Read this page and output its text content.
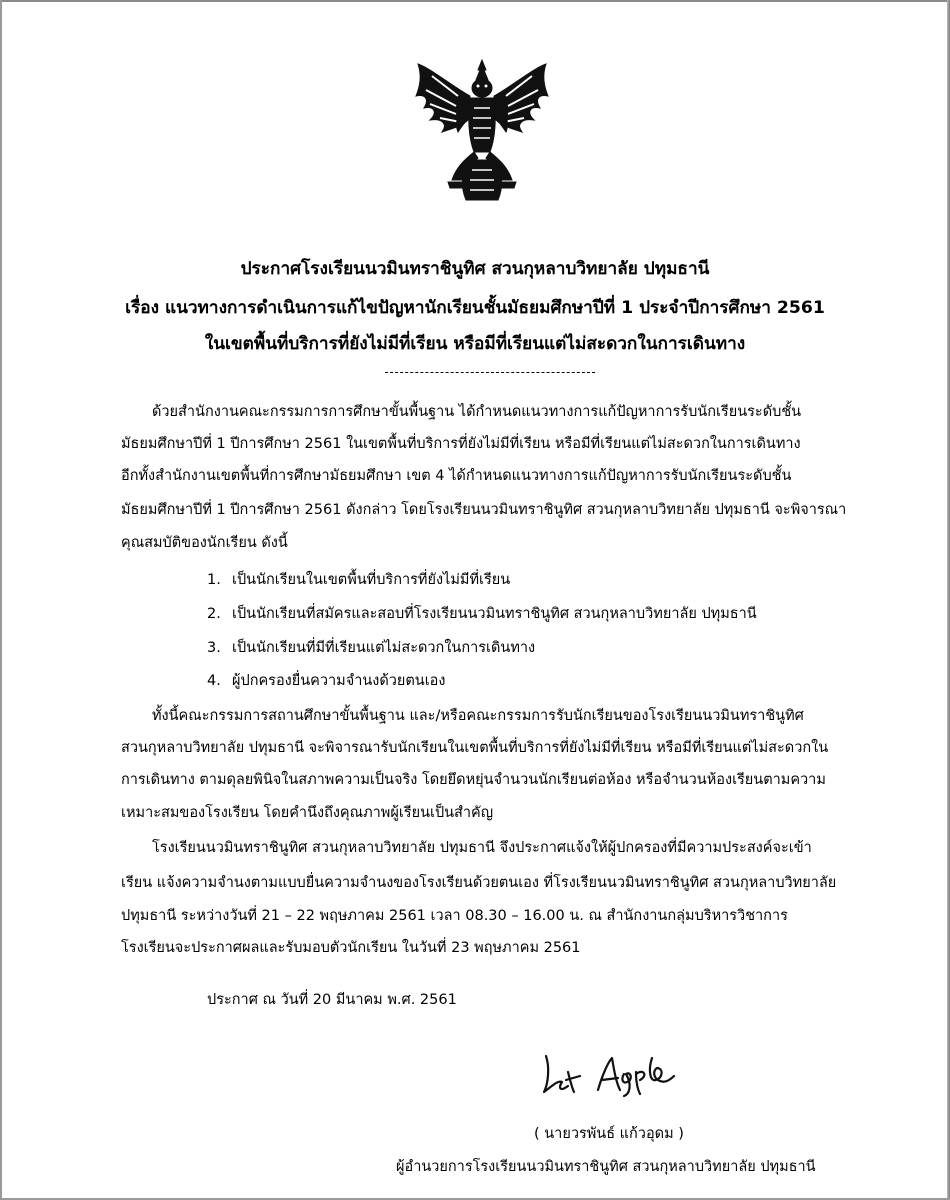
ประกาศโรงเรียนนวมินทราชินูทิศ สวนกุหลาบวิทยาลัย ปทุมธานี
เรื่อง แนวทางการดำเนินการแก้ไขปัญหานักเรียนชั้นมัธยมศึกษาปีที่ 1 ประจำปีการศึกษา 2561
ในเขตพื้นที่บริการที่ยังไม่มีที่เรียน หรือมีที่เรียนแต่ไม่สะดวกในการเดินทาง
ด้วยสำนักงานคณะกรรมการการศึกษาขั้นพื้นฐาน ได้กำหนดแนวทางการแก้ปัญหาการรับนักเรียนระดับชั้น
มัธยมศึกษาปีที่ 1 ปีการศึกษา 2561 ในเขตพื้นที่บริการที่ยังไม่มีที่เรียน หรือมีที่เรียนแต่ไม่สะดวกในการเดินทาง
อีกทั้งสำนักงานเขตพื้นที่การศึกษามัธยมศึกษา เขต 4 ได้กำหนดแนวทางการแก้ปัญหาการรับนักเรียนระดับชั้น
มัธยมศึกษาปีที่ 1 ปีการศึกษา 2561 ดังกล่าว โดยโรงเรียนนวมินทราชินูทิศ สวนกุหลาบวิทยาลัย ปทุมธานี จะพิจารณา
คุณสมบัติของนักเรียน ดังนี้
1. เป็นนักเรียนในเขตพื้นที่บริการที่ยังไม่มีที่เรียน
2. เป็นนักเรียนที่สมัครและสอบที่โรงเรียนนวมินทราชินูทิศ สวนกุหลาบวิทยาลัย ปทุมธานี
3. เป็นนักเรียนที่มีที่เรียนแต่ไม่สะดวกในการเดินทาง
4. ผู้ปกครองยื่นความจำนงด้วยตนเอง
ทั้งนี้คณะกรรมการสถานศึกษาขั้นพื้นฐาน และ/หรือคณะกรรมการรับนักเรียนของโรงเรียนนวมินทราชินูทิศ
สวนกุหลาบวิทยาลัย ปทุมธานี จะพิจารณารับนักเรียนในเขตพื้นที่บริการที่ยังไม่มีที่เรียน หรือมีที่เรียนแต่ไม่สะดวกใน
การเดินทาง ตามดุลยพินิจในสภาพความเป็นจริง โดยยึดหยุ่นจำนวนนักเรียนต่อห้อง หรือจำนวนห้องเรียนตามความ
เหมาะสมของโรงเรียน โดยคำนึงถึงคุณภาพผู้เรียนเป็นสำคัญ
โรงเรียนนวมินทราชินูทิศ สวนกุหลาบวิทยาลัย ปทุมธานี จึงประกาศแจ้งให้ผู้ปกครองที่มีความประสงค์จะเข้า
เรียน แจ้งความจำนงตามแบบยื่นความจำนงของโรงเรียนด้วยตนเอง ที่โรงเรียนนวมินทราชินูทิศ สวนกุหลาบวิทยาลัย
ปทุมธานี ระหว่างวันที่ 21 – 22 พฤษภาคม 2561 เวลา 08.30 – 16.00 น. ณ สำนักงานกลุ่มบริหารวิชาการ
โรงเรียนจะประกาศผลและรับมอบตัวนักเรียน ในวันที่ 23 พฤษภาคม 2561
ประกาศ ณ วันที่ 20 มีนาคม พ.ศ. 2561
( นายวรพันธ์ แก้วอุดม )
ผู้อำนวยการโรงเรียนนวมินทราชินูทิศ สวนกุหลาบวิทยาลัย ปทุมธานี
